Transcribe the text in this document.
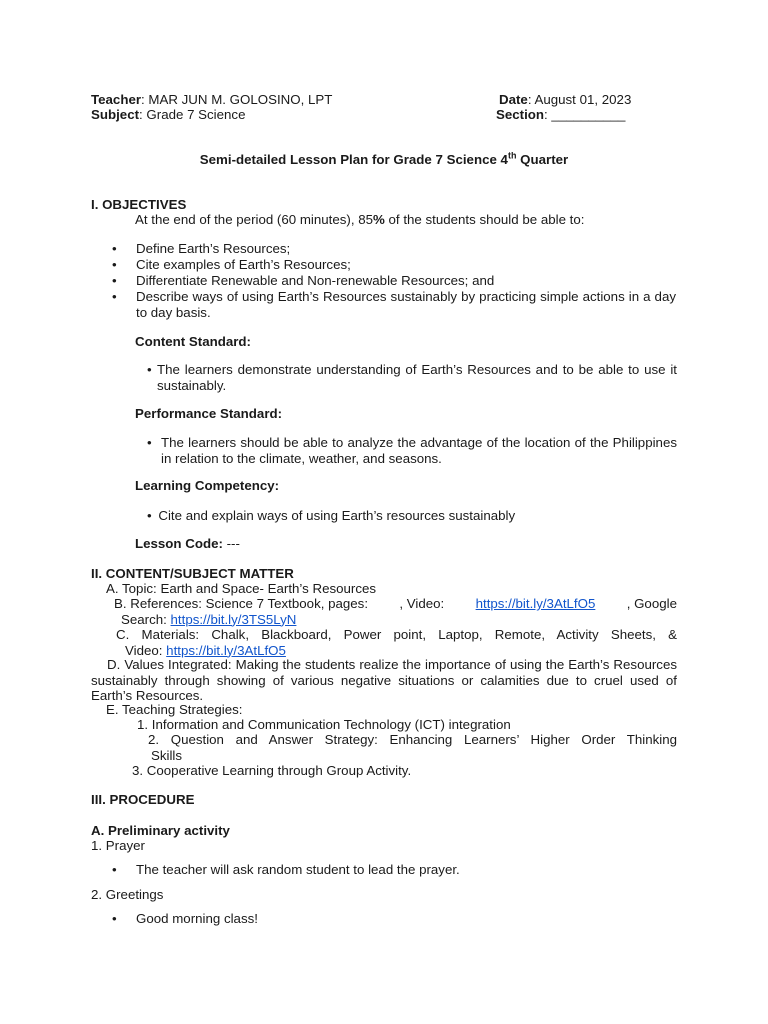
Teacher: MAR JUN M. GOLOSINO, LPT	Date: August 01, 2023
Subject: Grade 7 Science	Section: __________
Semi-detailed Lesson Plan for Grade 7 Science 4th Quarter
I. OBJECTIVES
At the end of the period (60 minutes), 85% of the students should be able to:
• Define Earth’s Resources;
• Cite examples of Earth’s Resources;
• Differentiate Renewable and Non-renewable Resources; and
• Describe ways of using Earth’s Resources sustainably by practicing simple actions in a day to day basis.
Content Standard:
• The learners demonstrate understanding of Earth’s Resources and to be able to use it sustainably.
Performance Standard:
• The learners should be able to analyze the advantage of the location of the Philippines in relation to the climate, weather, and seasons.
Learning Competency:
• Cite and explain ways of using Earth’s resources sustainably
Lesson Code: ---
II. CONTENT/SUBJECT MATTER
A. Topic: Earth and Space- Earth’s Resources
B. References: Science 7 Textbook, pages: , Video: https://bit.ly/3AtLfO5 , Google
Search: https://bit.ly/3TS5LyN
C. Materials: Chalk, Blackboard, Power point, Laptop, Remote, Activity Sheets, &
Video: https://bit.ly/3AtLfO5
D. Values Integrated: Making the students realize the importance of using the Earth’s Resources sustainably through showing of various negative situations or calamities due to cruel used of Earth’s Resources.
E. Teaching Strategies:
1. Information and Communication Technology (ICT) integration
2. Question and Answer Strategy: Enhancing Learners’ Higher Order Thinking
Skills
3. Cooperative Learning through Group Activity.
III. PROCEDURE
A. Preliminary activity
1. Prayer
• The teacher will ask random student to lead the prayer.
2. Greetings
• Good morning class!
